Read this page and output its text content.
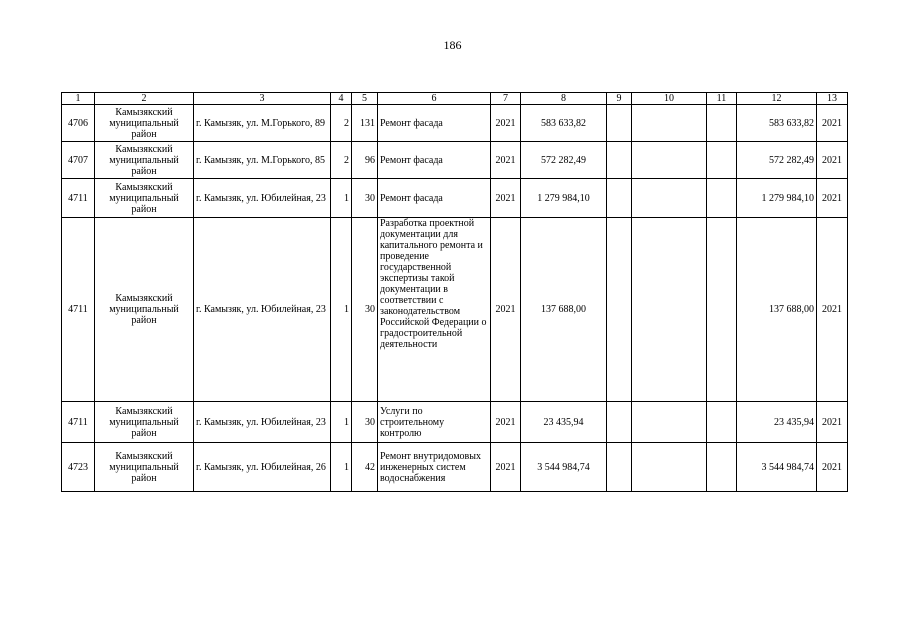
186
1	2	3	4	5	6	7	8	9	10	11	12	13
4706	Камызякский муниципальный район	г. Камызяк, ул. М.Горького, 89	2	131	Ремонт фасада	2021	583 633,82				583 633,82	2021
4707	Камызякский муниципальный район	г. Камызяк, ул. М.Горького, 85	2	96	Ремонт фасада	2021	572 282,49				572 282,49	2021
4711	Камызякский муниципальный район	г. Камызяк, ул. Юбилейная, 23	1	30	Ремонт фасада	2021	1 279 984,10				1 279 984,10	2021
4711	Камызякский муниципальный район	г. Камызяк, ул. Юбилейная, 23	1	30	Разработка проектной документации для капитального ремонта и проведение государственной экспертизы такой документации в соответствии с законодательством Российской Федерации о градостроительной деятельности	2021	137 688,00				137 688,00	2021
4711	Камызякский муниципальный район	г. Камызяк, ул. Юбилейная, 23	1	30	Услуги по строительному контролю	2021	23 435,94				23 435,94	2021
4723	Камызякский муниципальный район	г. Камызяк, ул. Юбилейная, 26	1	42	Ремонт внутридомовых инженерных систем водоснабжения	2021	3 544 984,74				3 544 984,74	2021
